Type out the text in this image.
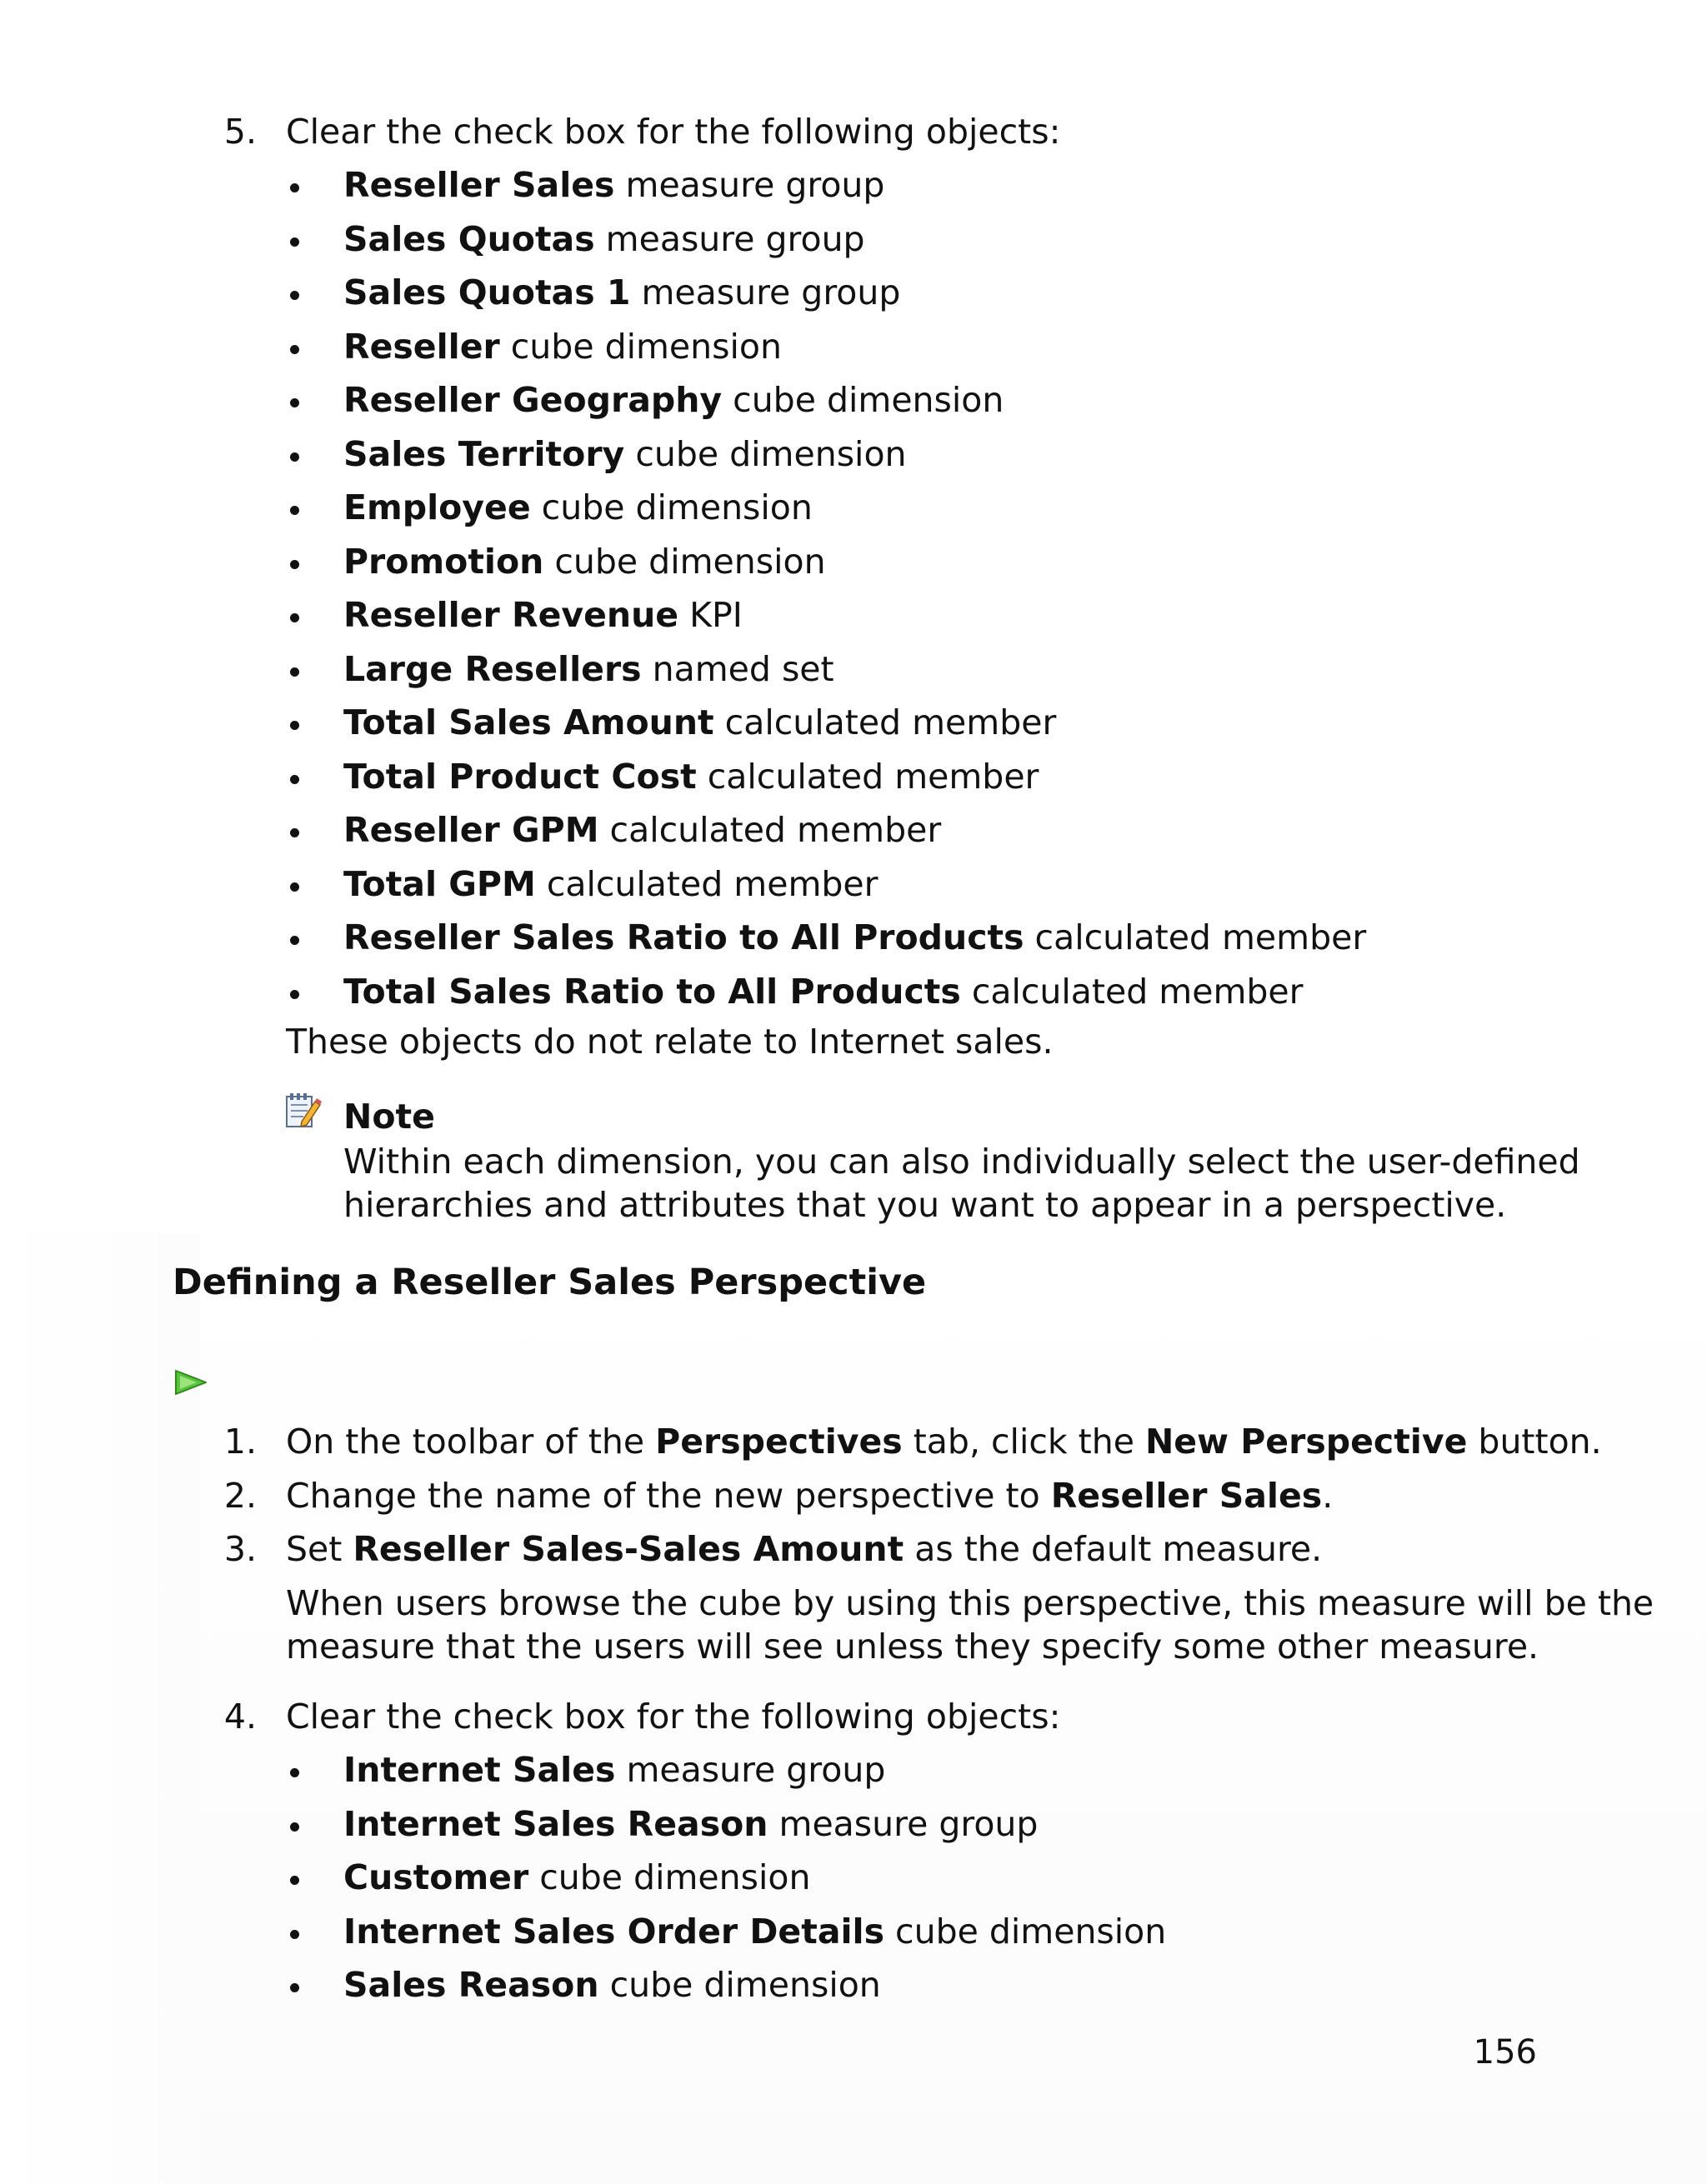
5. Clear the check box for the following objects:
Reseller Sales measure group
Sales Quotas measure group
Sales Quotas 1 measure group
Reseller cube dimension
Reseller Geography cube dimension
Sales Territory cube dimension
Employee cube dimension
Promotion cube dimension
Reseller Revenue KPI
Large Resellers named set
Total Sales Amount calculated member
Total Product Cost calculated member
Reseller GPM calculated member
Total GPM calculated member
Reseller Sales Ratio to All Products calculated member
Total Sales Ratio to All Products calculated member
These objects do not relate to Internet sales.
Note
Within each dimension, you can also individually select the user-defined
hierarchies and attributes that you want to appear in a perspective.
Defining a Reseller Sales Perspective
1. On the toolbar of the Perspectives tab, click the New Perspective button.
2. Change the name of the new perspective to Reseller Sales.
3. Set Reseller Sales-Sales Amount as the default measure.
When users browse the cube by using this perspective, this measure will be the
measure that the users will see unless they specify some other measure.
4. Clear the check box for the following objects:
Internet Sales measure group
Internet Sales Reason measure group
Customer cube dimension
Internet Sales Order Details cube dimension
Sales Reason cube dimension
156
